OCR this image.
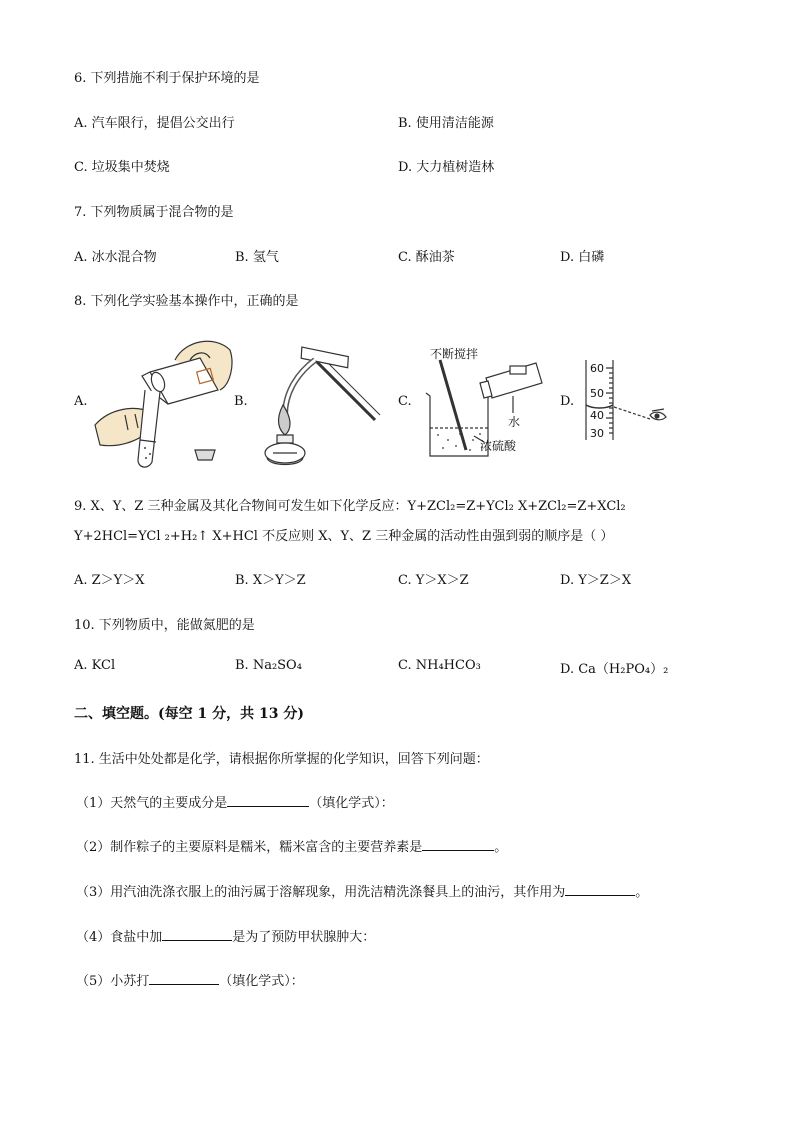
6. 下列措施不利于保护环境的是
A. 汽车限行，提倡公交出行	B. 使用清洁能源
C. 垃圾集中焚烧	D. 大力植树造林
7. 下列物质属于混合物的是
A. 冰水混合物	B. 氢气	C. 酥油茶	D. 白磷
8. 下列化学实验基本操作中，正确的是
A.	B.	C.	D.
不断搅拌
水
浓硫酸
60
50
40
30
9. X、Y、Z 三种金属及其化合物间可发生如下化学反应：Y+ZCl₂=Z+YCl₂ X+ZCl₂=Z+XCl₂
Y+2HCl=YCl ₂+H₂↑ X+HCl 不反应则 X、Y、Z 三种金属的活动性由强到弱的顺序是（ ）
A. Z＞Y＞X	B. X＞Y＞Z	C. Y＞X＞Z	D. Y＞Z＞X
10. 下列物质中，能做氮肥的是
A. KCl	B. Na₂SO₄	C. NH₄HCO₃	D. Ca（H₂PO₄）₂
二、填空题。(每空 1 分，共 13 分)
11. 生活中处处都是化学，请根据你所掌握的化学知识，回答下列问题：
（1）天然气的主要成分是	（填化学式）：
（2）制作粽子的主要原料是糯米，糯米富含的主要营养素是	。
（3）用汽油洗涤衣服上的油污属于溶解现象，用洗洁精洗涤餐具上的油污，其作用为	。
（4）食盐中加	是为了预防甲状腺肿大：
（5）小苏打	（填化学式）：
